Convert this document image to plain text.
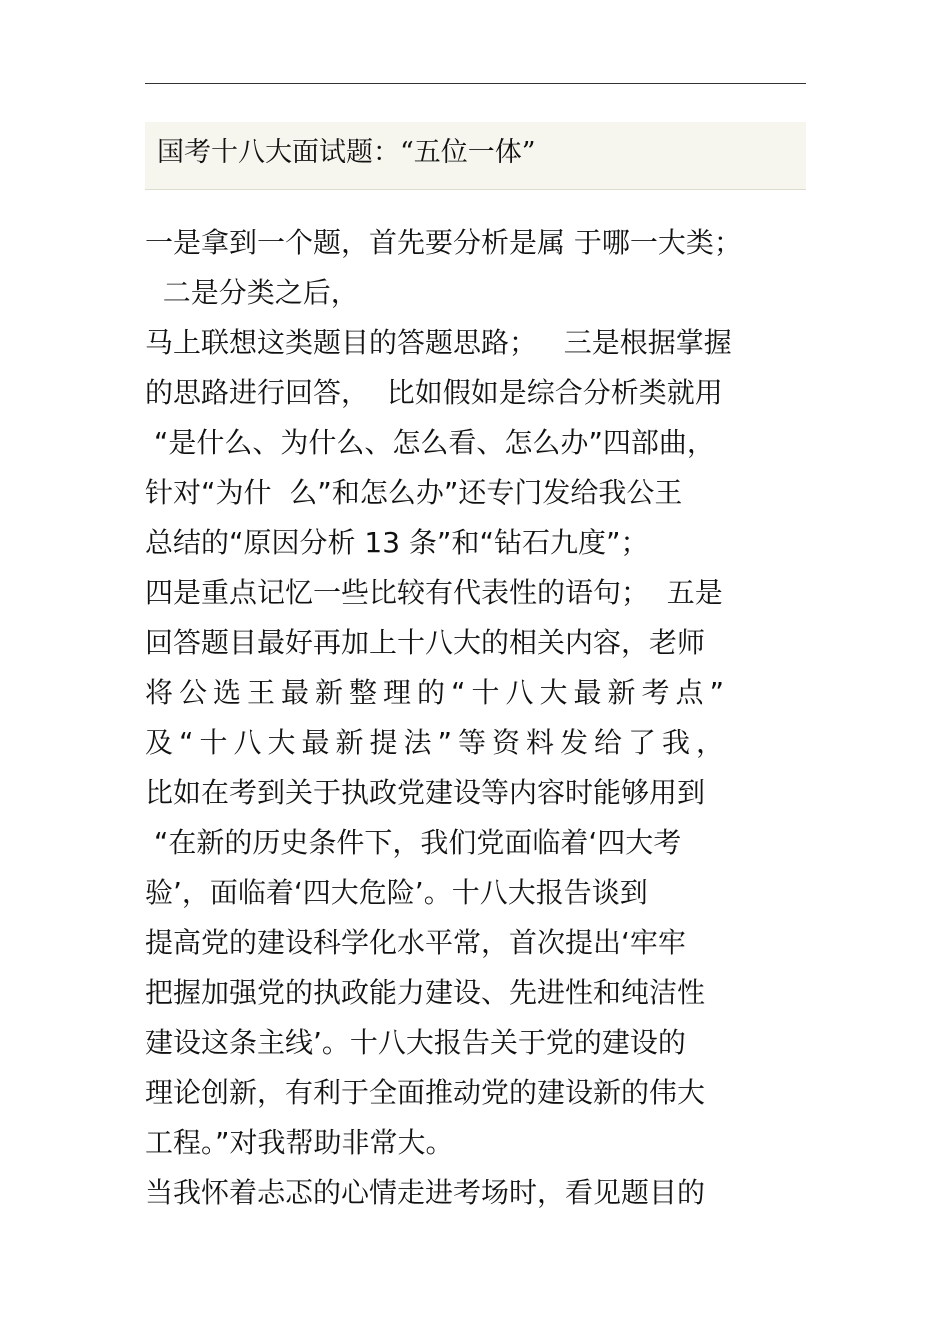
国考十八大面试题：“五位一体”
一是拿到一个题，首先要分析是属 于哪一大类；
二是分类之后，
马上联想这类题目的答题思路；   三是根据掌握
的思路进行回答，  比如假如是综合分析类就用
“是什么、为什么、怎么看、怎么办”四部曲，
针对“为什  么”和怎么办”还专门发给我公王
总结的“原因分析 13 条”和“钻石九度”；
四是重点记忆一些比较有代表性的语句；  五是
回答题目最好再加上十八大的相关内容，老师
将公选王最新整理的“十八大最新考点”
及“十八大最新提法”等资料发给了我，
比如在考到关于执政党建设等内容时能够用到
“在新的历史条件下，我们党面临着‘四大考
验’，面临着‘四大危险’。十八大报告谈到
提高党的建设科学化水平常，首次提出‘牢牢
把握加强党的执政能力建设、先进性和纯洁性
建设这条主线’。十八大报告关于党的建设的
理论创新，有利于全面推动党的建设新的伟大
工程。”对我帮助非常大。
当我怀着忐忑的心情走进考场时，看见题目的
